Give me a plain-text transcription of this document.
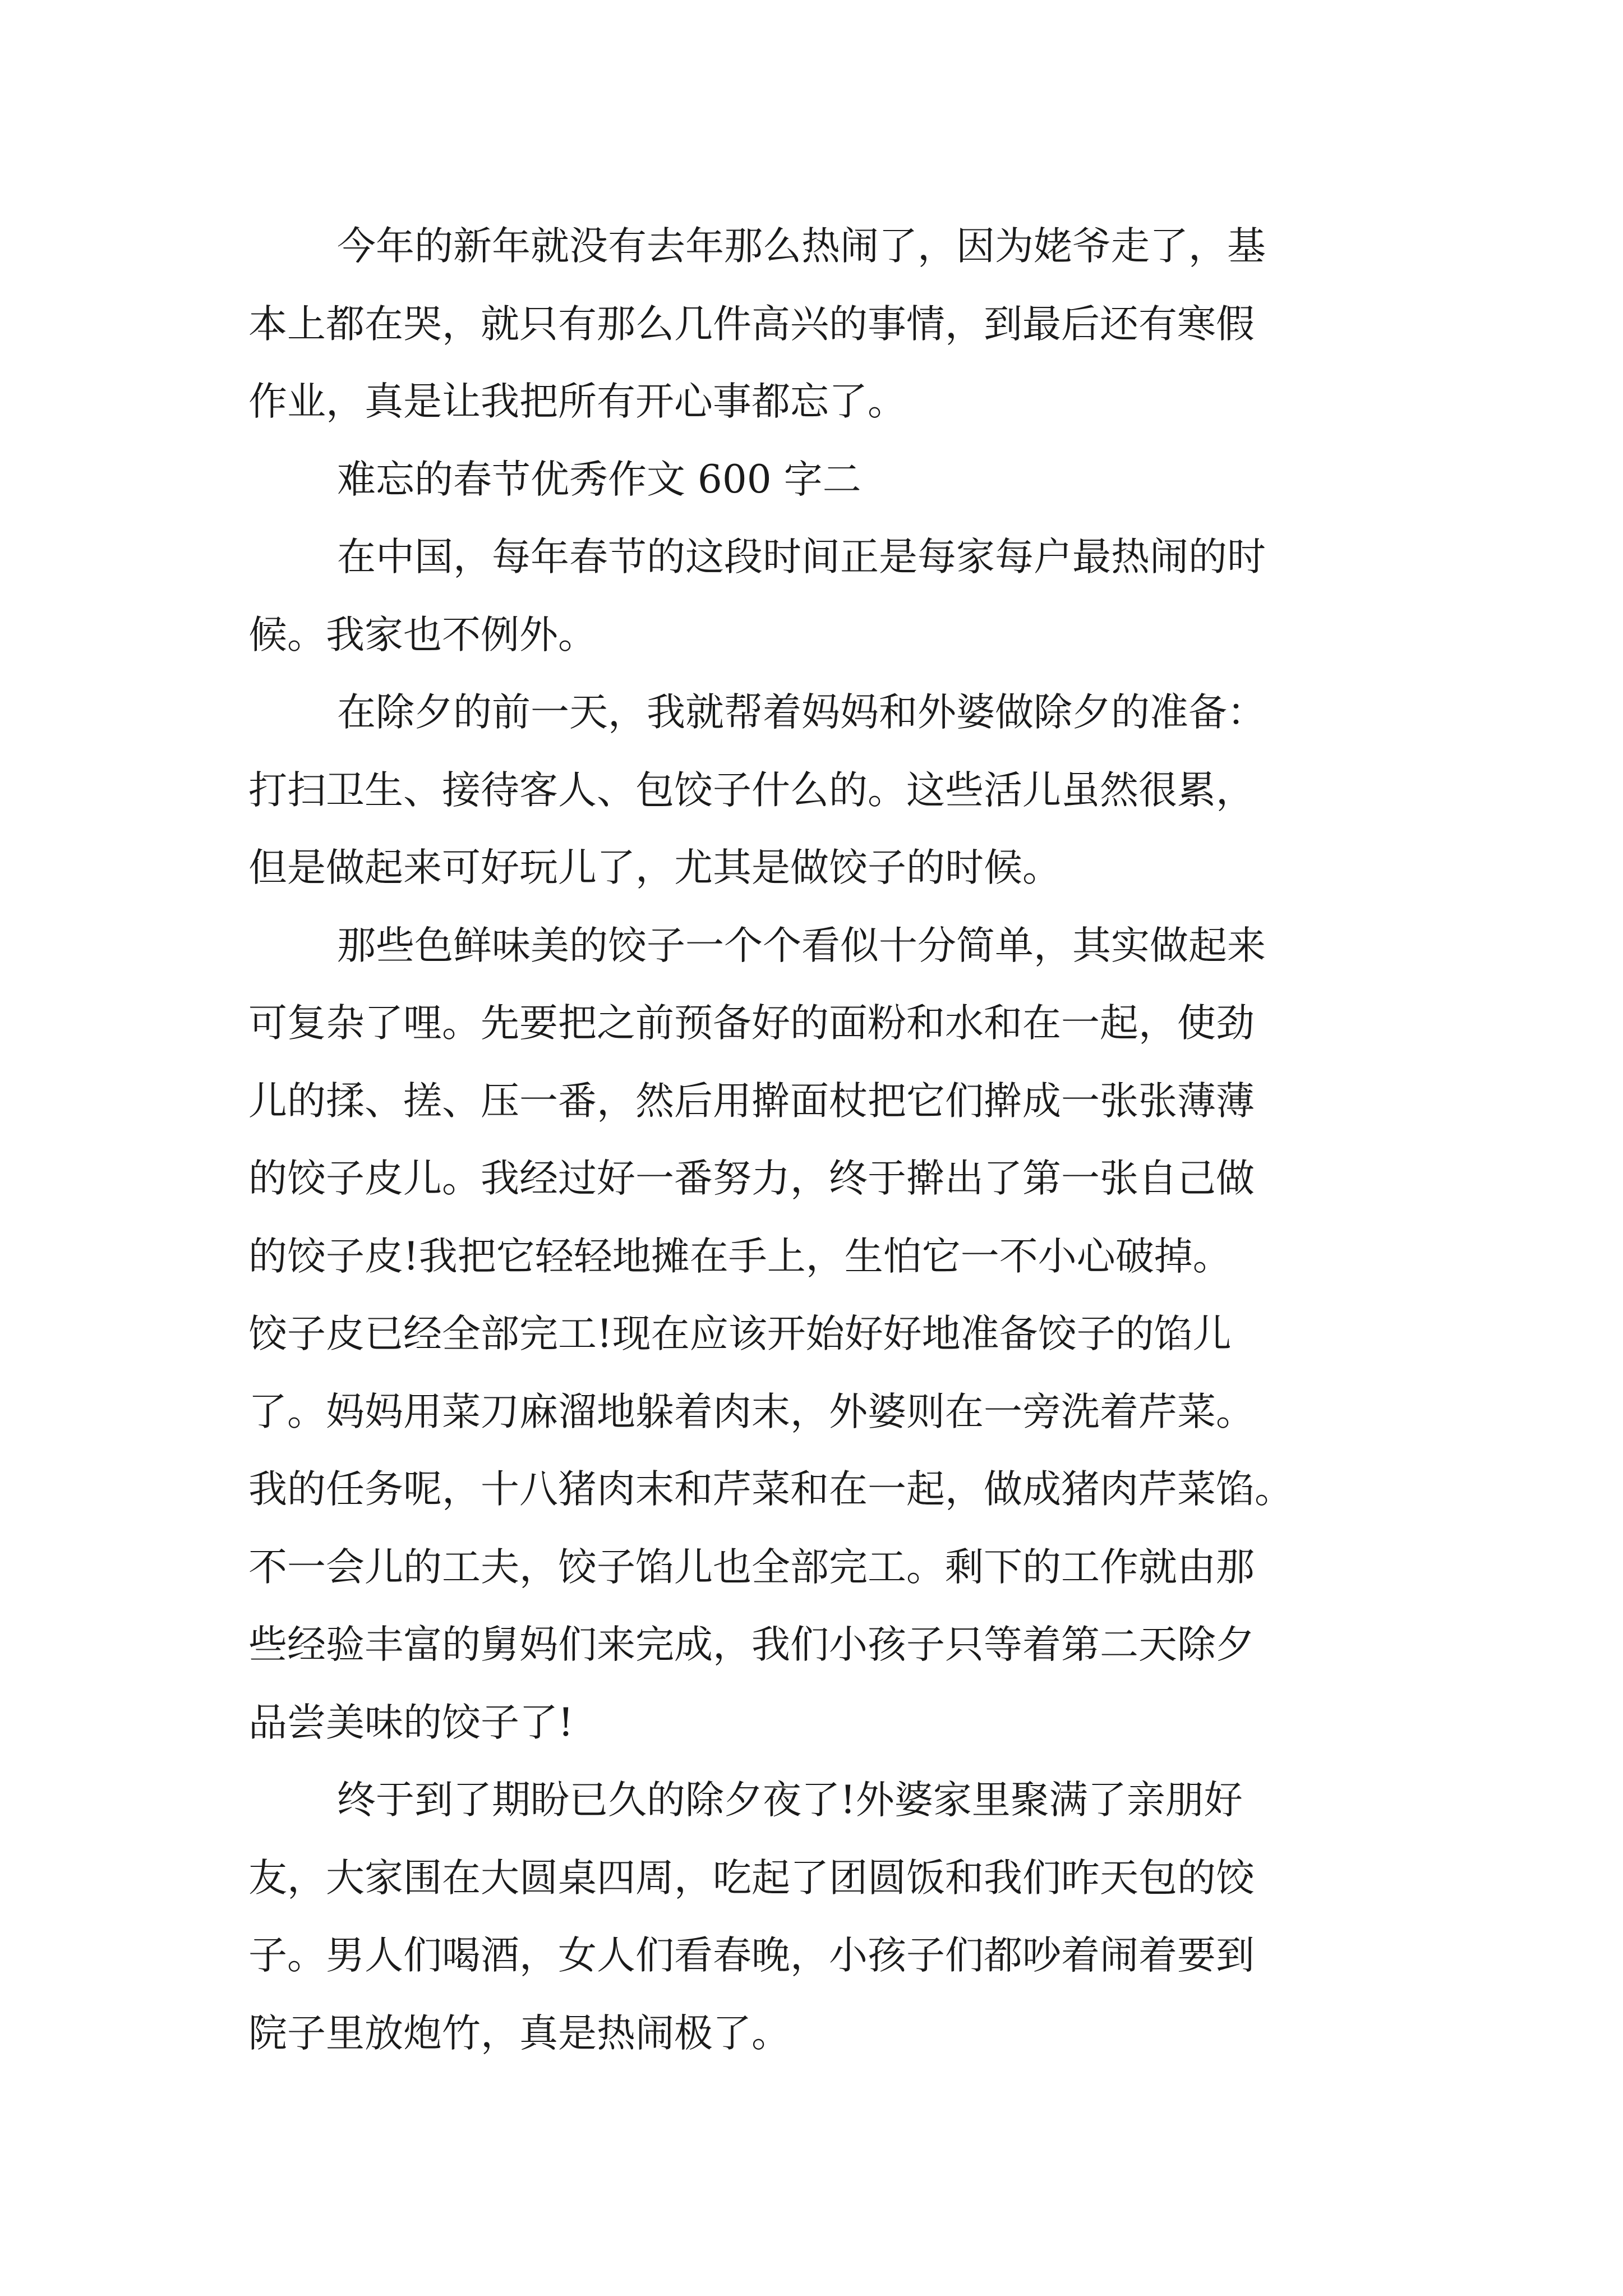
今年的新年就没有去年那么热闹了，因为姥爷走了，基
本上都在哭，就只有那么几件高兴的事情，到最后还有寒假
作业，真是让我把所有开心事都忘了。
难忘的春节优秀作文 600 字二
在中国，每年春节的这段时间正是每家每户最热闹的时
候。我家也不例外。
在除夕的前一天，我就帮着妈妈和外婆做除夕的准备：
打扫卫生、接待客人、包饺子什么的。这些活儿虽然很累，
但是做起来可好玩儿了，尤其是做饺子的时候。
那些色鲜味美的饺子一个个看似十分简单，其实做起来
可复杂了哩。先要把之前预备好的面粉和水和在一起，使劲
儿的揉、搓、压一番，然后用擀面杖把它们擀成一张张薄薄
的饺子皮儿。我经过好一番努力，终于擀出了第一张自己做
的饺子皮!我把它轻轻地摊在手上，生怕它一不小心破掉。
饺子皮已经全部完工!现在应该开始好好地准备饺子的馅儿
了。妈妈用菜刀麻溜地躲着肉末，外婆则在一旁洗着芹菜。
我的任务呢，十八猪肉末和芹菜和在一起，做成猪肉芹菜馅。
不一会儿的工夫，饺子馅儿也全部完工。剩下的工作就由那
些经验丰富的舅妈们来完成，我们小孩子只等着第二天除夕
品尝美味的饺子了!
终于到了期盼已久的除夕夜了!外婆家里聚满了亲朋好
友，大家围在大圆桌四周，吃起了团圆饭和我们昨天包的饺
子。男人们喝酒，女人们看春晚，小孩子们都吵着闹着要到
院子里放炮竹，真是热闹极了。
